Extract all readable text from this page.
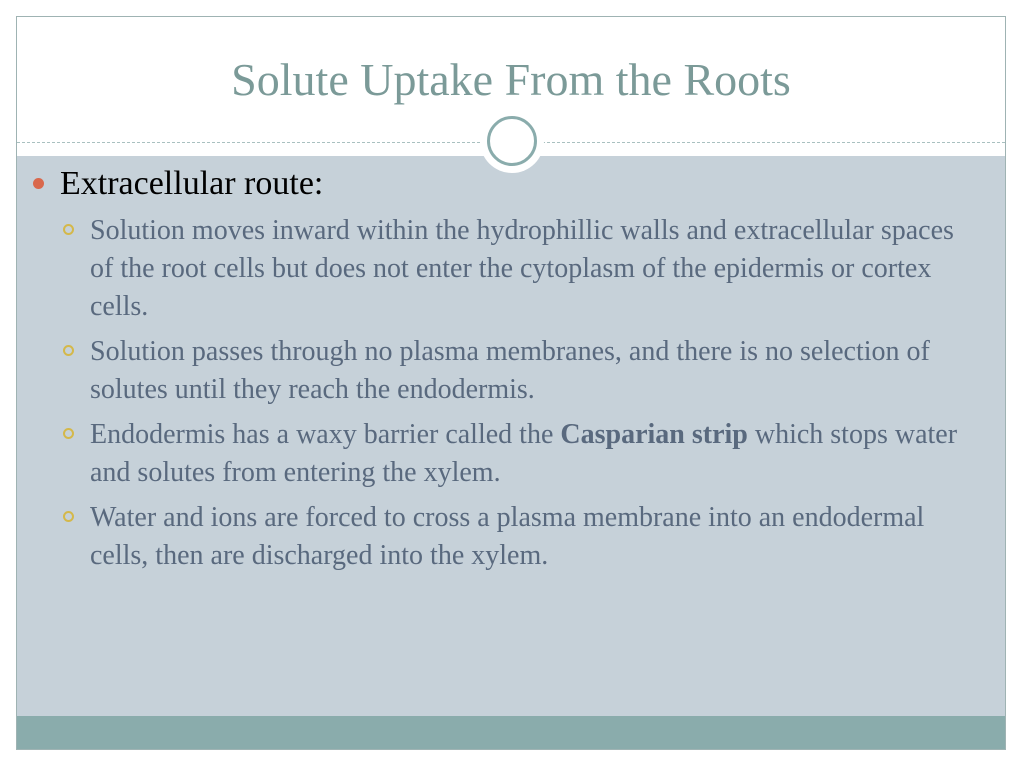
Solute Uptake From the Roots
Extracellular route:
Solution moves inward within the hydrophillic walls and extracellular spaces of the root cells but does not enter the cytoplasm of the epidermis or cortex cells.
Solution passes through no plasma membranes, and there is no selection of solutes until they reach the endodermis.
Endodermis has a waxy barrier called the Casparian strip which stops water and solutes from entering the xylem.
Water and ions are forced to cross a plasma membrane into an endodermal cells, then are discharged into the xylem.
